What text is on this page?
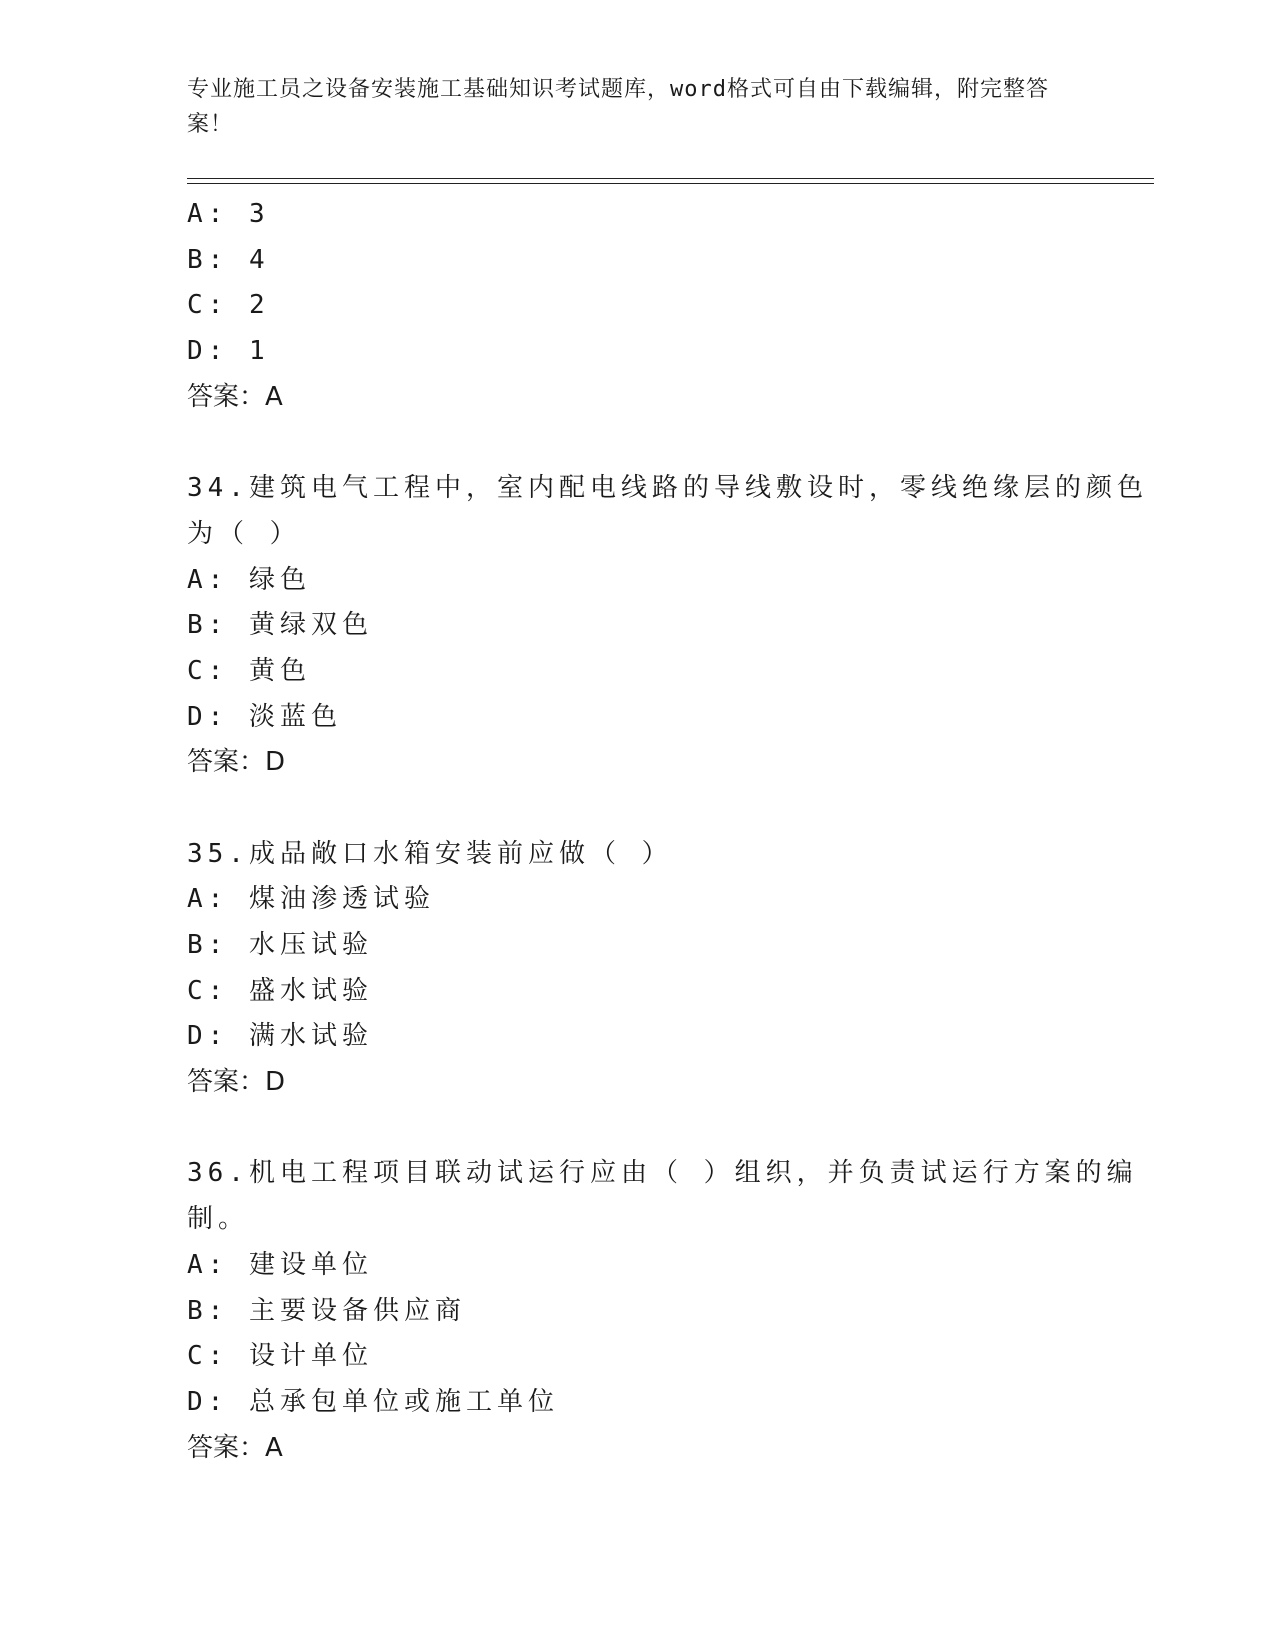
专业施工员之设备安装施工基础知识考试题库，word格式可自由下载编辑，附完整答案！
A: 3
B: 4
C: 2
D: 1
答案：A
34.建筑电气工程中，室内配电线路的导线敷设时，零线绝缘层的颜色
为（ ）
A: 绿色
B: 黄绿双色
C: 黄色
D: 淡蓝色
答案：D
35.成品敞口水箱安装前应做（ ）
A: 煤油渗透试验
B: 水压试验
C: 盛水试验
D: 满水试验
答案：D
36.机电工程项目联动试运行应由（ ）组织，并负责试运行方案的编
制。
A: 建设单位
B: 主要设备供应商
C: 设计单位
D: 总承包单位或施工单位
答案：A
